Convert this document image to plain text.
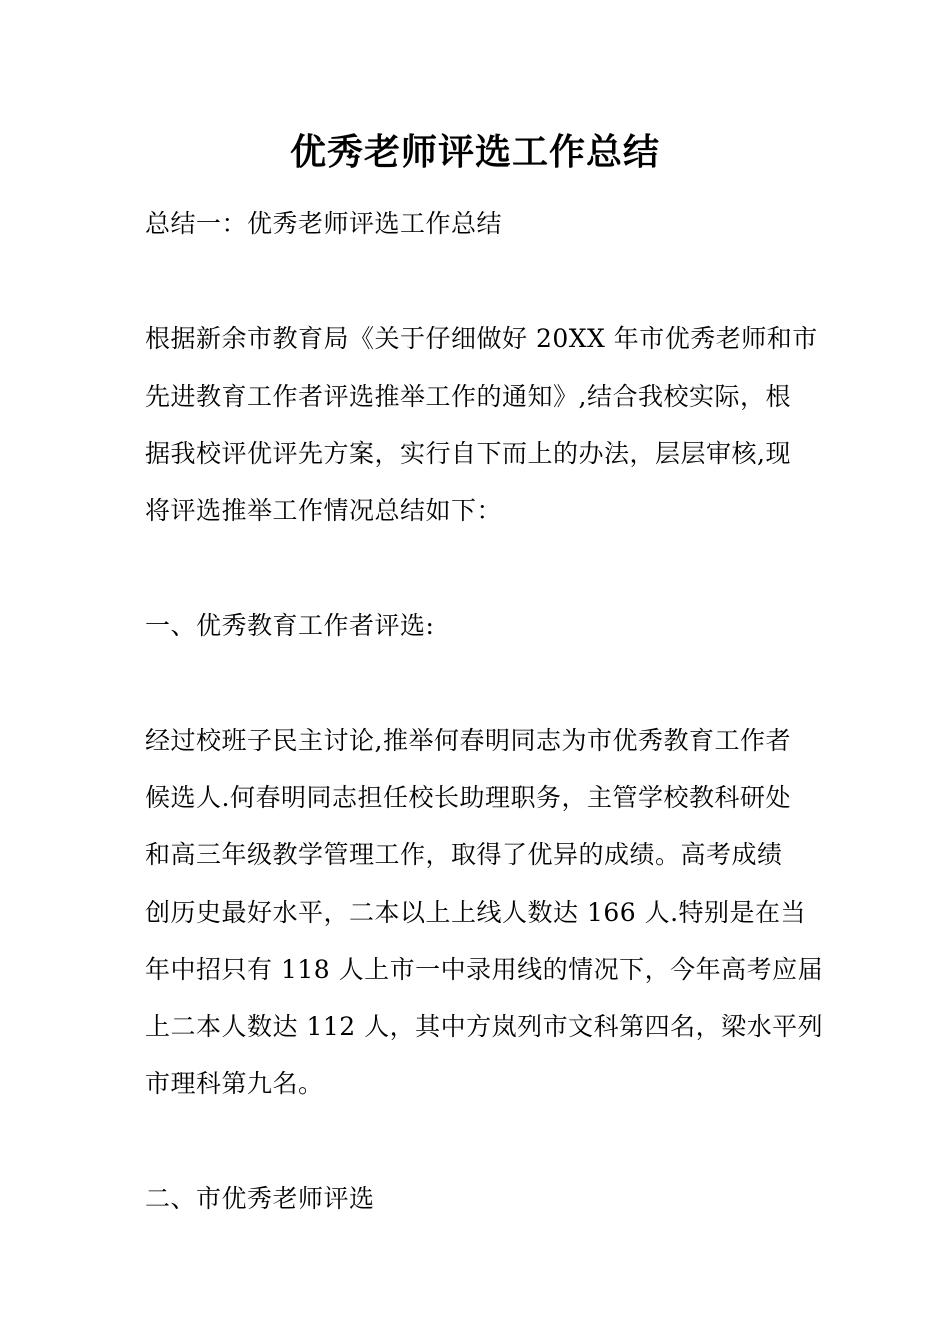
优秀老师评选工作总结

总结一：优秀老师评选工作总结

根据新余市教育局《关于仔细做好 20XX 年市优秀老师和市

先进教育工作者评选推举工作的通知》,结合我校实际，根

据我校评优评先方案，实行自下而上的办法，层层审核,现

将评选推举工作情况总结如下：

一、优秀教育工作者评选:

经过校班子民主讨论,推举何春明同志为市优秀教育工作者

候选人.何春明同志担任校长助理职务，主管学校教科研处

和高三年级教学管理工作，取得了优异的成绩。高考成绩

创历史最好水平，二本以上上线人数达 166 人.特别是在当

年中招只有 118 人上市一中录用线的情况下，今年高考应届

上二本人数达 112 人，其中方岚列市文科第四名，梁水平列

市理科第九名。

二、市优秀老师评选
